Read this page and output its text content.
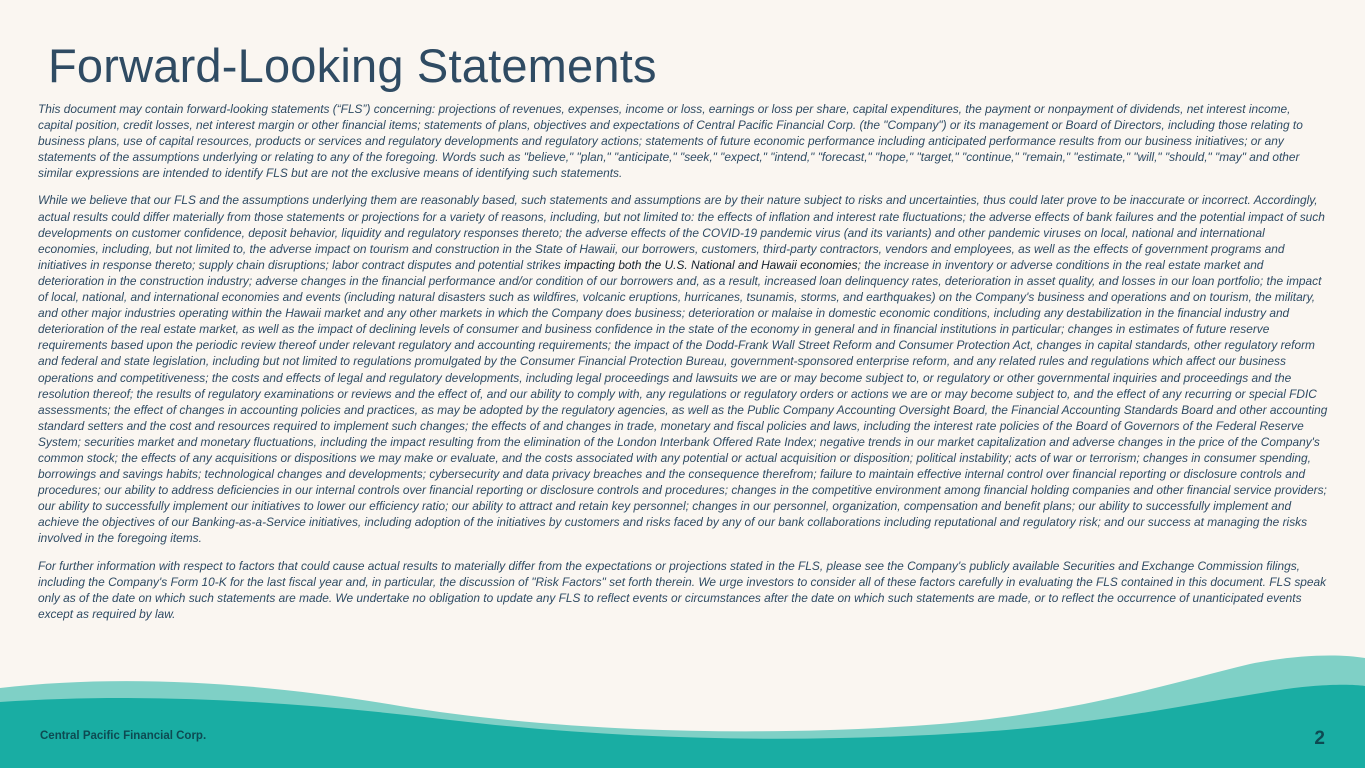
Forward-Looking Statements

This document may contain forward-looking statements (“FLS”) concerning: projections of revenues, expenses, income or loss, earnings or loss per share, capital expenditures, the payment or nonpayment of dividends, net interest income, capital position, credit losses, net interest margin or other financial items; statements of plans, objectives and expectations of Central Pacific Financial Corp. (the "Company") or its management or Board of Directors, including those relating to business plans, use of capital resources, products or services and regulatory developments and regulatory actions; statements of future economic performance including anticipated performance results from our business initiatives; or any statements of the assumptions underlying or relating to any of the foregoing. Words such as "believe," "plan," "anticipate," "seek," "expect," "intend," "forecast," "hope," "target," "continue," "remain," "estimate," "will," "should," "may" and other similar expressions are intended to identify FLS but are not the exclusive means of identifying such statements.

While we believe that our FLS and the assumptions underlying them are reasonably based, such statements and assumptions are by their nature subject to risks and uncertainties, thus could later prove to be inaccurate or incorrect. Accordingly, actual results could differ materially from those statements or projections for a variety of reasons, including, but not limited to: the effects of inflation and interest rate fluctuations; the adverse effects of bank failures and the potential impact of such developments on customer confidence, deposit behavior, liquidity and regulatory responses thereto; the adverse effects of the COVID-19 pandemic virus (and its variants) and other pandemic viruses on local, national and international economies, including, but not limited to, the adverse impact on tourism and construction in the State of Hawaii, our borrowers, customers, third-party contractors, vendors and employees, as well as the effects of government programs and initiatives in response thereto; supply chain disruptions; labor contract disputes and potential strikes impacting both the U.S. National and Hawaii economies; the increase in inventory or adverse conditions in the real estate market and deterioration in the construction industry; adverse changes in the financial performance and/or condition of our borrowers and, as a result, increased loan delinquency rates, deterioration in asset quality, and losses in our loan portfolio; the impact of local, national, and international economies and events (including natural disasters such as wildfires, volcanic eruptions, hurricanes, tsunamis, storms, and earthquakes) on the Company's business and operations and on tourism, the military, and other major industries operating within the Hawaii market and any other markets in which the Company does business; deterioration or malaise in domestic economic conditions, including any destabilization in the financial industry and deterioration of the real estate market, as well as the impact of declining levels of consumer and business confidence in the state of the economy in general and in financial institutions in particular; changes in estimates of future reserve requirements based upon the periodic review thereof under relevant regulatory and accounting requirements; the impact of the Dodd-Frank Wall Street Reform and Consumer Protection Act, changes in capital standards, other regulatory reform and federal and state legislation, including but not limited to regulations promulgated by the Consumer Financial Protection Bureau, government-sponsored enterprise reform, and any related rules and regulations which affect our business operations and competitiveness; the costs and effects of legal and regulatory developments, including legal proceedings and lawsuits we are or may become subject to, or regulatory or other governmental inquiries and proceedings and the resolution thereof; the results of regulatory examinations or reviews and the effect of, and our ability to comply with, any regulations or regulatory orders or actions we are or may become subject to, and the effect of any recurring or special FDIC assessments; the effect of changes in accounting policies and practices, as may be adopted by the regulatory agencies, as well as the Public Company Accounting Oversight Board, the Financial Accounting Standards Board and other accounting standard setters and the cost and resources required to implement such changes; the effects of and changes in trade, monetary and fiscal policies and laws, including the interest rate policies of the Board of Governors of the Federal Reserve System; securities market and monetary fluctuations, including the impact resulting from the elimination of the London Interbank Offered Rate Index; negative trends in our market capitalization and adverse changes in the price of the Company's common stock; the effects of any acquisitions or dispositions we may make or evaluate, and the costs associated with any potential or actual acquisition or disposition; political instability; acts of war or terrorism; changes in consumer spending, borrowings and savings habits; technological changes and developments; cybersecurity and data privacy breaches and the consequence therefrom; failure to maintain effective internal control over financial reporting or disclosure controls and procedures; our ability to address deficiencies in our internal controls over financial reporting or disclosure controls and procedures; changes in the competitive environment among financial holding companies and other financial service providers; our ability to successfully implement our initiatives to lower our efficiency ratio; our ability to attract and retain key personnel; changes in our personnel, organization, compensation and benefit plans; our ability to successfully implement and achieve the objectives of our Banking-as-a-Service initiatives, including adoption of the initiatives by customers and risks faced by any of our bank collaborations including reputational and regulatory risk; and our success at managing the risks involved in the foregoing items.

For further information with respect to factors that could cause actual results to materially differ from the expectations or projections stated in the FLS, please see the Company's publicly available Securities and Exchange Commission filings, including the Company's Form 10-K for the last fiscal year and, in particular, the discussion of "Risk Factors" set forth therein. We urge investors to consider all of these factors carefully in evaluating the FLS contained in this document. FLS speak only as of the date on which such statements are made. We undertake no obligation to update any FLS to reflect events or circumstances after the date on which such statements are made, or to reflect the occurrence of unanticipated events except as required by law.

Central Pacific Financial Corp.	2
